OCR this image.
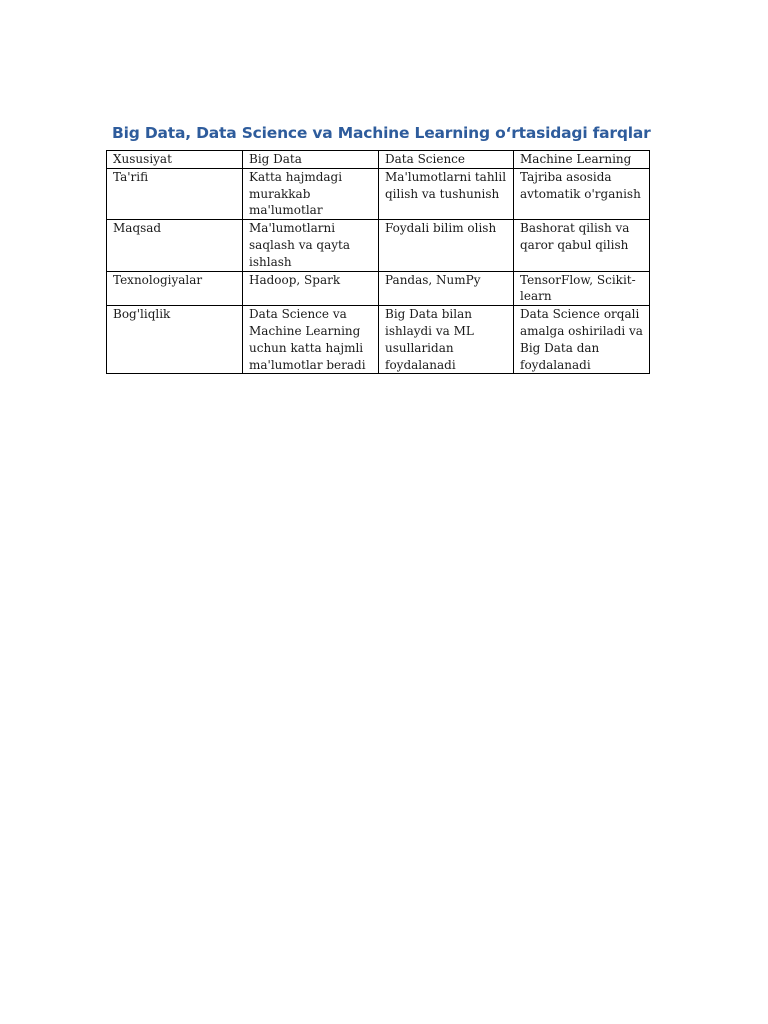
Big Data, Data Science va Machine Learning o‘rtasidagi farqlar
Xususiyat	Big Data	Data Science	Machine Learning
Ta'rifi	Katta hajmdagi murakkab ma'lumotlar	Ma'lumotlarni tahlil qilish va tushunish	Tajriba asosida avtomatik o'rganish
Maqsad	Ma'lumotlarni saqlash va qayta ishlash	Foydali bilim olish	Bashorat qilish va qaror qabul qilish
Texnologiyalar	Hadoop, Spark	Pandas, NumPy	TensorFlow, Scikit-learn
Bog'liqlik	Data Science va Machine Learning uchun katta hajmli ma'lumotlar beradi	Big Data bilan ishlaydi va ML usullaridan foydalanadi	Data Science orqali amalga oshiriladi va Big Data dan foydalanadi
